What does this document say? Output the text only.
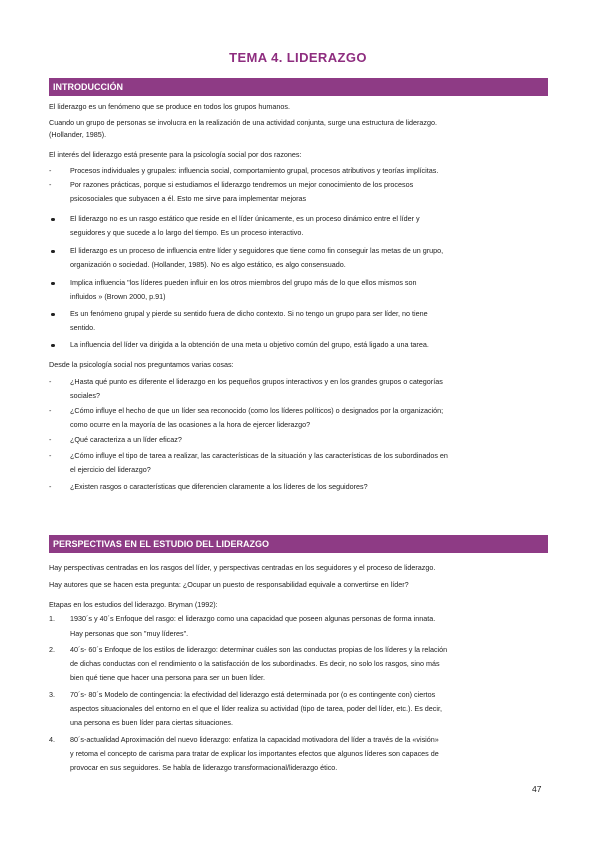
TEMA 4. LIDERAZGO
INTRODUCCIÓN
El liderazgo es un fenómeno que se produce en todos los grupos humanos.
Cuando un grupo de personas se involucra en la realización de una actividad conjunta, surge una estructura de liderazgo.
(Hollander, 1985).
El interés del liderazgo está presente para la psicología social por dos razones:
-	Procesos individuales y grupales: influencia social, comportamiento grupal, procesos atributivos y teorías implícitas.
-	Por razones prácticas, porque si estudiamos el liderazgo tendremos un mejor conocimiento de los procesos
psicosociales que subyacen a él. Esto me sirve para implementar mejoras
El liderazgo no es un rasgo estático que reside en el líder únicamente, es un proceso dinámico entre el líder y
seguidores y que sucede a lo largo del tiempo. Es un proceso interactivo.
El liderazgo es un proceso de influencia entre líder y seguidores que tiene como fin conseguir las metas de un grupo,
organización o sociedad. (Hollander, 1985). No es algo estático, es algo consensuado.
Implica influencia "los líderes pueden influir en los otros miembros del grupo más de lo que ellos mismos son
influidos » (Brown 2000, p.91)
Es un fenómeno grupal y pierde su sentido fuera de dicho contexto. Si no tengo un grupo para ser líder, no tiene
sentido.
La influencia del líder va dirigida a la obtención de una meta u objetivo común del grupo, está ligado a una tarea.
Desde la psicología social nos preguntamos varias cosas:
-	¿Hasta qué punto es diferente el liderazgo en los pequeños grupos interactivos y en los grandes grupos o categorías
sociales?
-	¿Cómo influye el hecho de que un líder sea reconocido (como los líderes políticos) o designados por la organización;
como ocurre en la mayoría de las ocasiones a la hora de ejercer liderazgo?
-	¿Qué caracteriza a un líder eficaz?
-	¿Cómo influye el tipo de tarea a realizar, las características de la situación y las características de los subordinados en
el ejercicio del liderazgo?
-	¿Existen rasgos o características que diferencien claramente a los líderes de los seguidores?
PERSPECTIVAS EN EL ESTUDIO DEL LIDERAZGO
Hay perspectivas centradas en los rasgos del líder, y perspectivas centradas en los seguidores y el proceso de liderazgo.
Hay autores que se hacen esta pregunta: ¿Ocupar un puesto de responsabilidad equivale a convertirse en líder?
Etapas en los estudios del liderazgo. Bryman (1992):
1.	1930´s y 40´s Enfoque del rasgo: el liderazgo como una capacidad que poseen algunas personas de forma innata.
Hay personas que son "muy líderes".
2.	40´s- 60´s Enfoque de los estilos de liderazgo: determinar cuáles son las conductas propias de los líderes y la relación
de dichas conductas con el rendimiento o la satisfacción de los subordinadxs. Es decir, no solo los rasgos, sino más
bien qué tiene que hacer una persona para ser un buen líder.
3.	70´s- 80´s Modelo de contingencia: la efectividad del liderazgo está determinada por (o es contingente con) ciertos
aspectos situacionales del entorno en el que el líder realiza su actividad (tipo de tarea, poder del líder, etc.). Es decir,
una persona es buen líder para ciertas situaciones.
4.	80´s-actualidad Aproximación del nuevo liderazgo: enfatiza la capacidad motivadora del líder a través de la «visión»
y retoma el concepto de carisma para tratar de explicar los importantes efectos que algunos líderes son capaces de
provocar en sus seguidores. Se habla de liderazgo transformacional/liderazgo ético.
47
